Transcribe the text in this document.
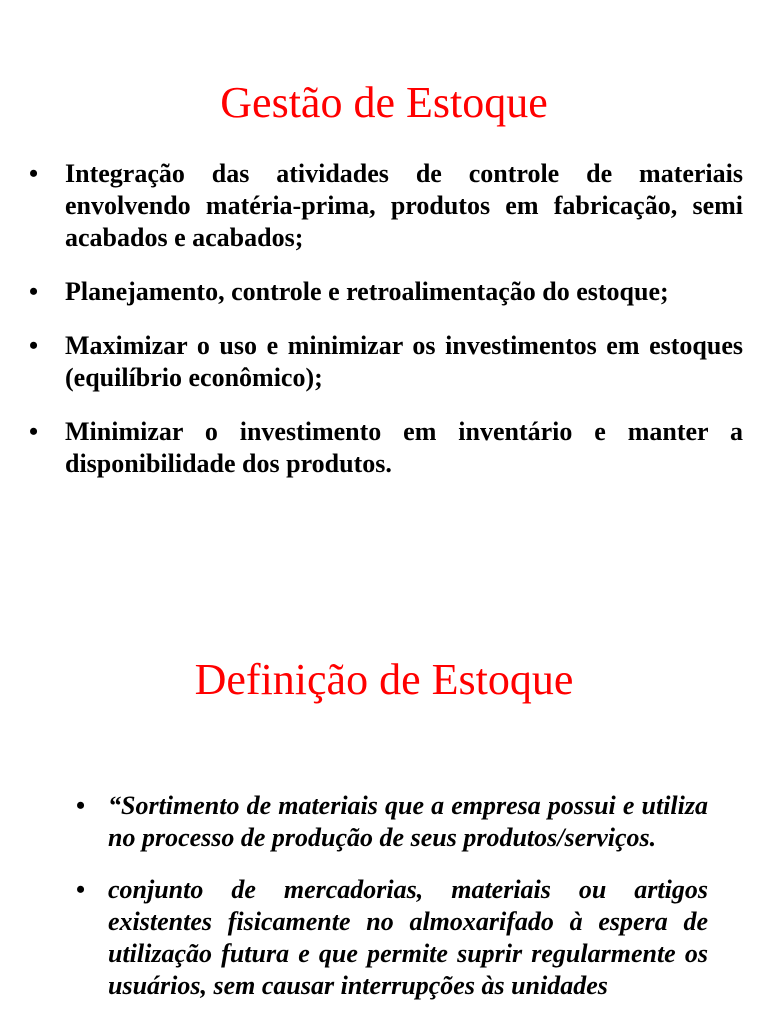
Gestão de Estoque
• Integração das atividades de controle de materiais envolvendo matéria-prima, produtos em fabricação, semi acabados e acabados;
• Planejamento, controle e retroalimentação do estoque;
• Maximizar o uso e minimizar os investimentos em estoques (equilíbrio econômico);
• Minimizar o investimento em inventário e manter a disponibilidade dos produtos.
Definição de Estoque
• “Sortimento de materiais que a empresa possui e utiliza no processo de produção de seus produtos/serviços.
• conjunto de mercadorias, materiais ou artigos existentes fisicamente no almoxarifado à espera de utilização futura e que permite suprir regularmente os usuários, sem causar interrupções às unidades
